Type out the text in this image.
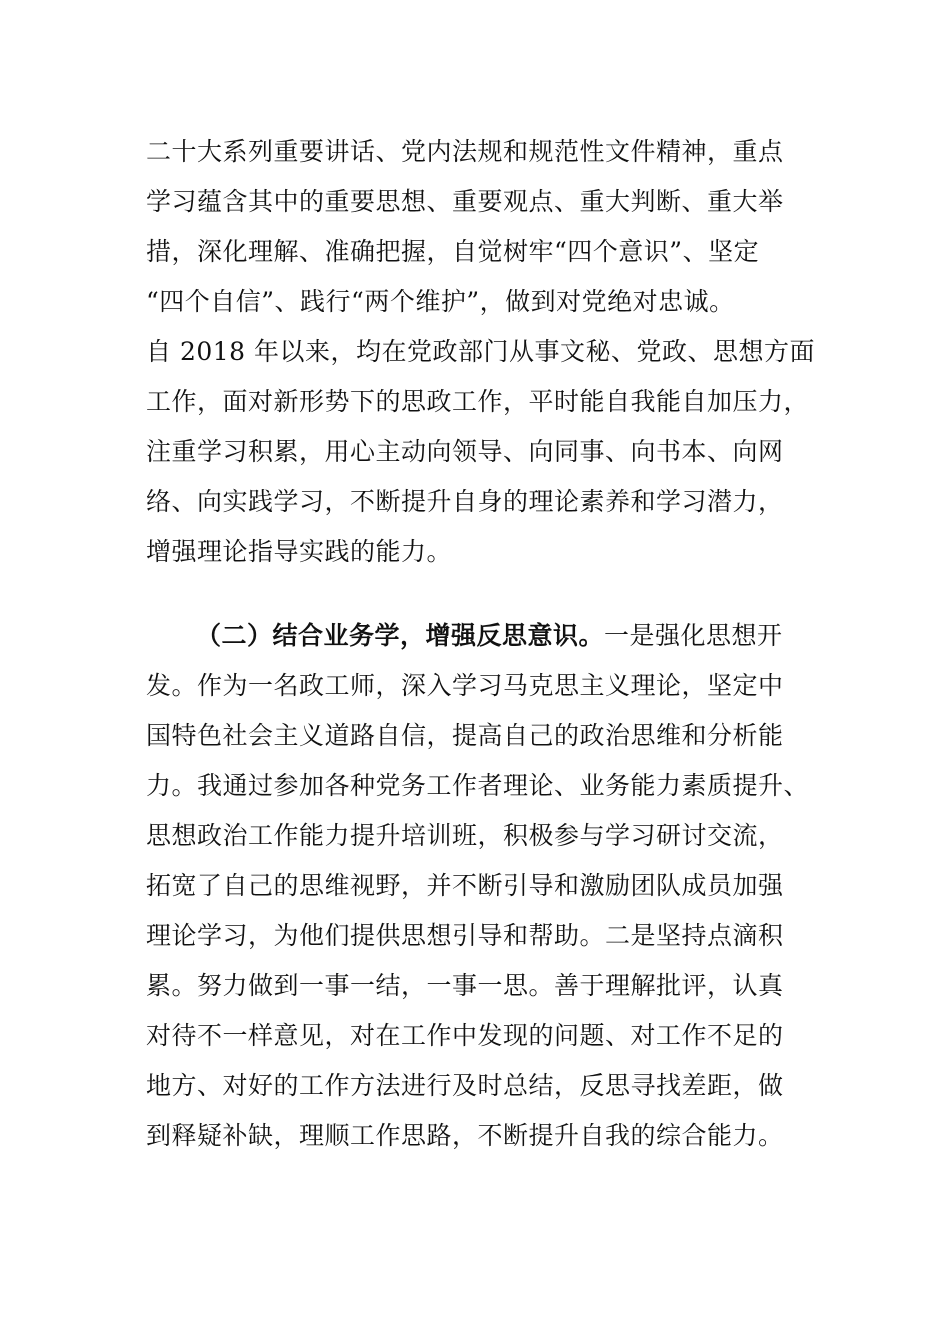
二十大系列重要讲话、党内法规和规范性文件精神，重点
学习蕴含其中的重要思想、重要观点、重大判断、重大举
措，深化理解、准确把握，自觉树牢“四个意识”、坚定
“四个自信”、践行“两个维护”，做到对党绝对忠诚。
自 2018 年以来，均在党政部门从事文秘、党政、思想方面
工作，面对新形势下的思政工作，平时能自我能自加压力，
注重学习积累，用心主动向领导、向同事、向书本、向网
络、向实践学习，不断提升自身的理论素养和学习潜力，
增强理论指导实践的能力。
（二）结合业务学，增强反思意识。一是强化思想开
发。作为一名政工师，深入学习马克思主义理论，坚定中
国特色社会主义道路自信，提高自己的政治思维和分析能
力。我通过参加各种党务工作者理论、业务能力素质提升、
思想政治工作能力提升培训班，积极参与学习研讨交流，
拓宽了自己的思维视野，并不断引导和激励团队成员加强
理论学习，为他们提供思想引导和帮助。二是坚持点滴积
累。努力做到一事一结，一事一思。善于理解批评，认真
对待不一样意见，对在工作中发现的问题、对工作不足的
地方、对好的工作方法进行及时总结，反思寻找差距，做
到释疑补缺，理顺工作思路，不断提升自我的综合能力。
